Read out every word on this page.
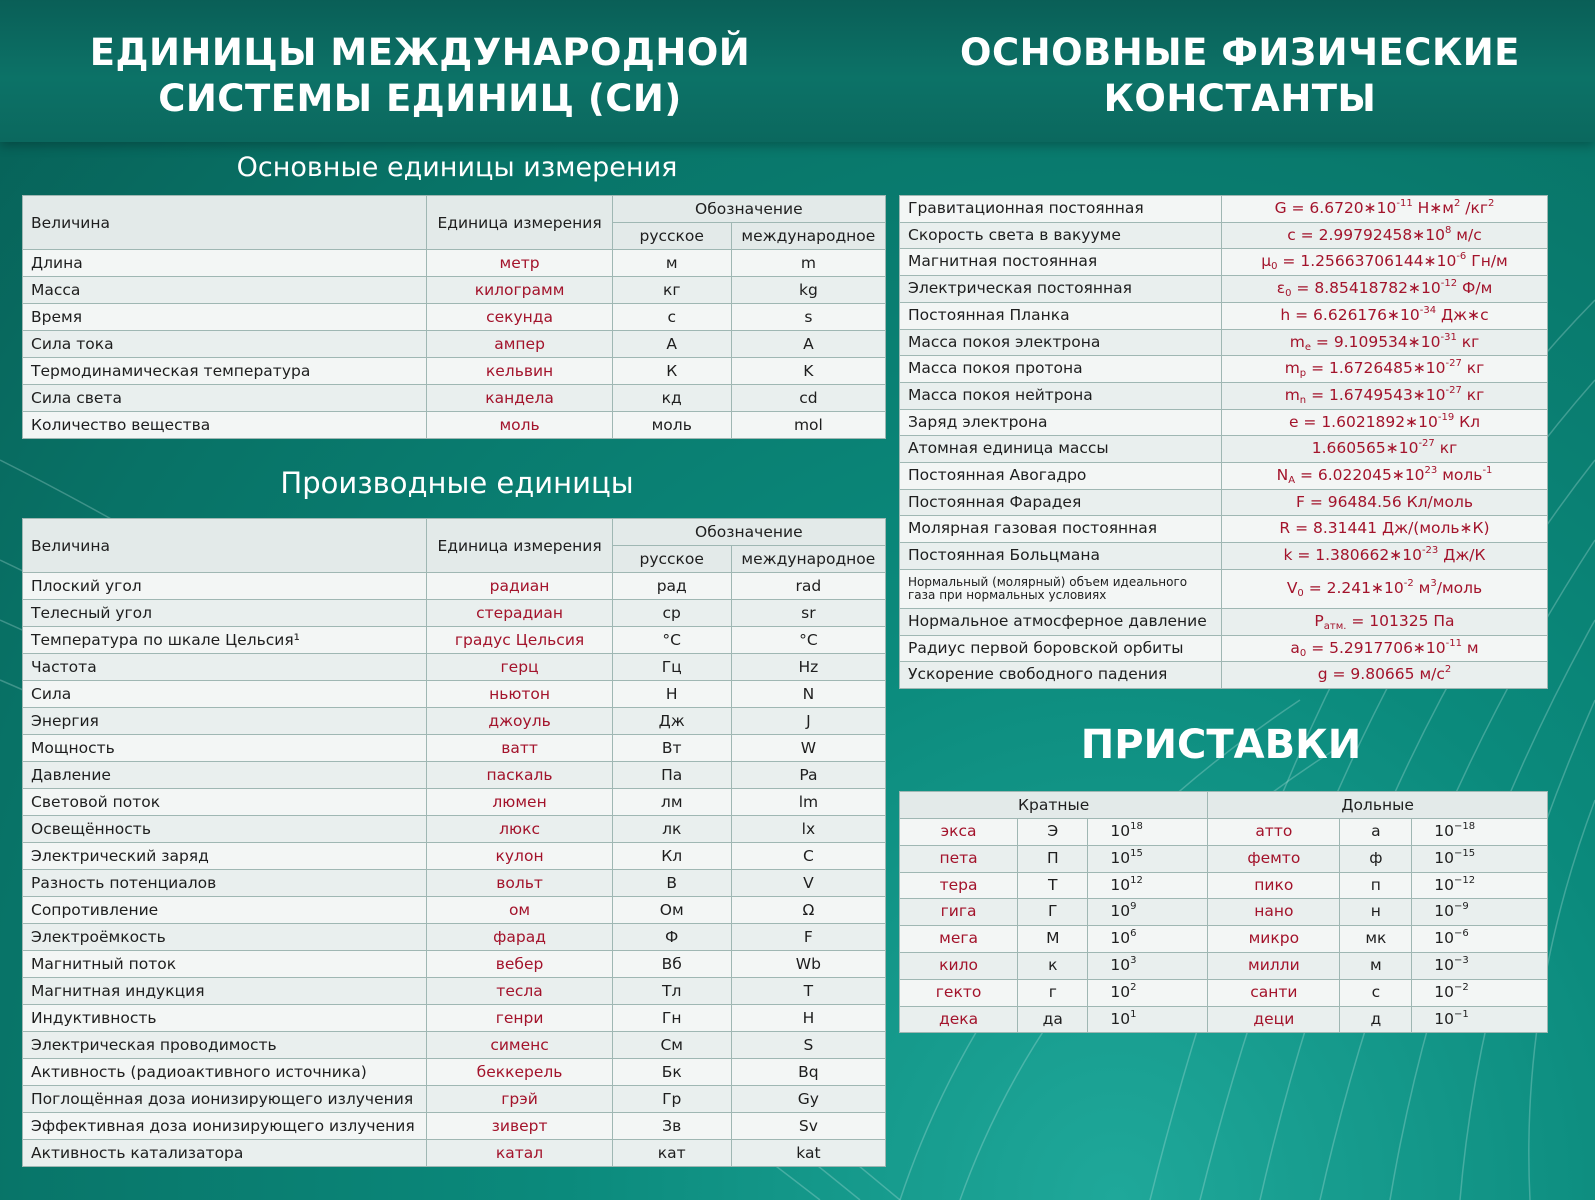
ЕДИНИЦЫ МЕЖДУНАРОДНОЙ
СИСТЕМЫ ЕДИНИЦ (СИ)
ОСНОВНЫЕ ФИЗИЧЕСКИЕ
КОНСТАНТЫ
Основные единицы измерения
Величина	Единица измерения	Обозначение	
		русское	международное
Длина	метр	м	m
Масса	килограмм	кг	kg
Время	секунда	с	s
Сила тока	ампер	А	A
Термодинамическая температура	кельвин	К	K
Сила света	кандела	кд	cd
Количество вещества	моль	моль	mol
Производные единицы
Величина	Единица измерения	Обозначение	
		русское	международное
Плоский угол	радиан	рад	rad
Телесный угол	стерадиан	ср	sr
Температура по шкале Цельсия¹	градус Цельсия	°С	°С
Частота	герц	Гц	Hz
Сила	ньютон	Н	N
Энергия	джоуль	Дж	J
Мощность	ватт	Вт	W
Давление	паскаль	Па	Pa
Световой поток	люмен	лм	lm
Освещённость	люкс	лк	lx
Электрический заряд	кулон	Кл	C
Разность потенциалов	вольт	В	V
Сопротивление	ом	Ом	Ω
Электроёмкость	фарад	Ф	F
Магнитный поток	вебер	Вб	Wb
Магнитная индукция	тесла	Тл	T
Индуктивность	генри	Гн	H
Электрическая проводимость	сименс	См	S
Активность (радиоактивного источника)	беккерель	Бк	Bq
Поглощённая доза ионизирующего излучения	грэй	Гр	Gy
Эффективная доза ионизирующего излучения	зиверт	Зв	Sv
Активность катализатора	катал	кат	kat
Гравитационная постоянная	$G = 6.6720∗10^{-11}$ $Н∗м^2$ $/кг^2$
Скорость света в вакууме	$c = 2.99792458∗10^8$ м/с
Магнитная постоянная	$\mu_0$ = $1.25663706144∗10^{-6}$ Гн/м
Электрическая постоянная	$\varepsilon_0$ = $8.85418782∗10^{-12}$ Ф/м
Постоянная Планка	$h = 6.626176∗10^{-34}$ Дж∗с
Масса покоя электрона	$m_e$ = $9.109534∗10^{-31}$ кг
Масса покоя протона	$m_p$ = $1.6726485∗10^{-27}$ кг
Масса покоя нейтрона	$m_n$ = $1.6749543∗10^{-27}$ кг
Заряд электрона	$e = 1.6021892∗10^{-19}$ Кл
Атомная единица массы	$1.660565∗10^{-27}$ кг
Постоянная Авогадро	$N_A$ = $6.022045∗10^{23}$ моль$^{-1}$
Постоянная Фарадея	F = 96484.56 Кл/моль
Молярная газовая постоянная	R = 8.31441 Дж/(моль∗К)
Постоянная Больцмана	$k = 1.380662∗10^{-23}$ Дж/К
Нормальный (молярный) объем идеального газа при нормальных условиях	$V_0$ = $2.241∗10^{-2}$ $м^3$/моль
Нормальное атмосферное давление	$P_{атм.} = 101325$ Па
Радиус первой боровской орбиты	$a_0$ = $5.2917706∗10^{-11}$ м
Ускорение свободного падения	g = 9.80665 $м/с^2$
ПРИСТАВКИ
Кратные			Дольные		
экса	Э	$10^{18}$	атто	а	$10^{-18}$
пета	П	$10^{15}$	фемто	ф	$10^{-15}$
тера	Т	$10^{12}$	пико	п	$10^{-12}$
гига	Г	$10^9$	нано	н	$10^{-9}$
мега	М	$10^6$	микро	мк	$10^{-6}$
кило	к	$10^3$	милли	м	$10^{-3}$
гекто	г	$10^2$	санти	с	$10^{-2}$
дека	да	$10^1$	деци	д	$10^{-1}$
